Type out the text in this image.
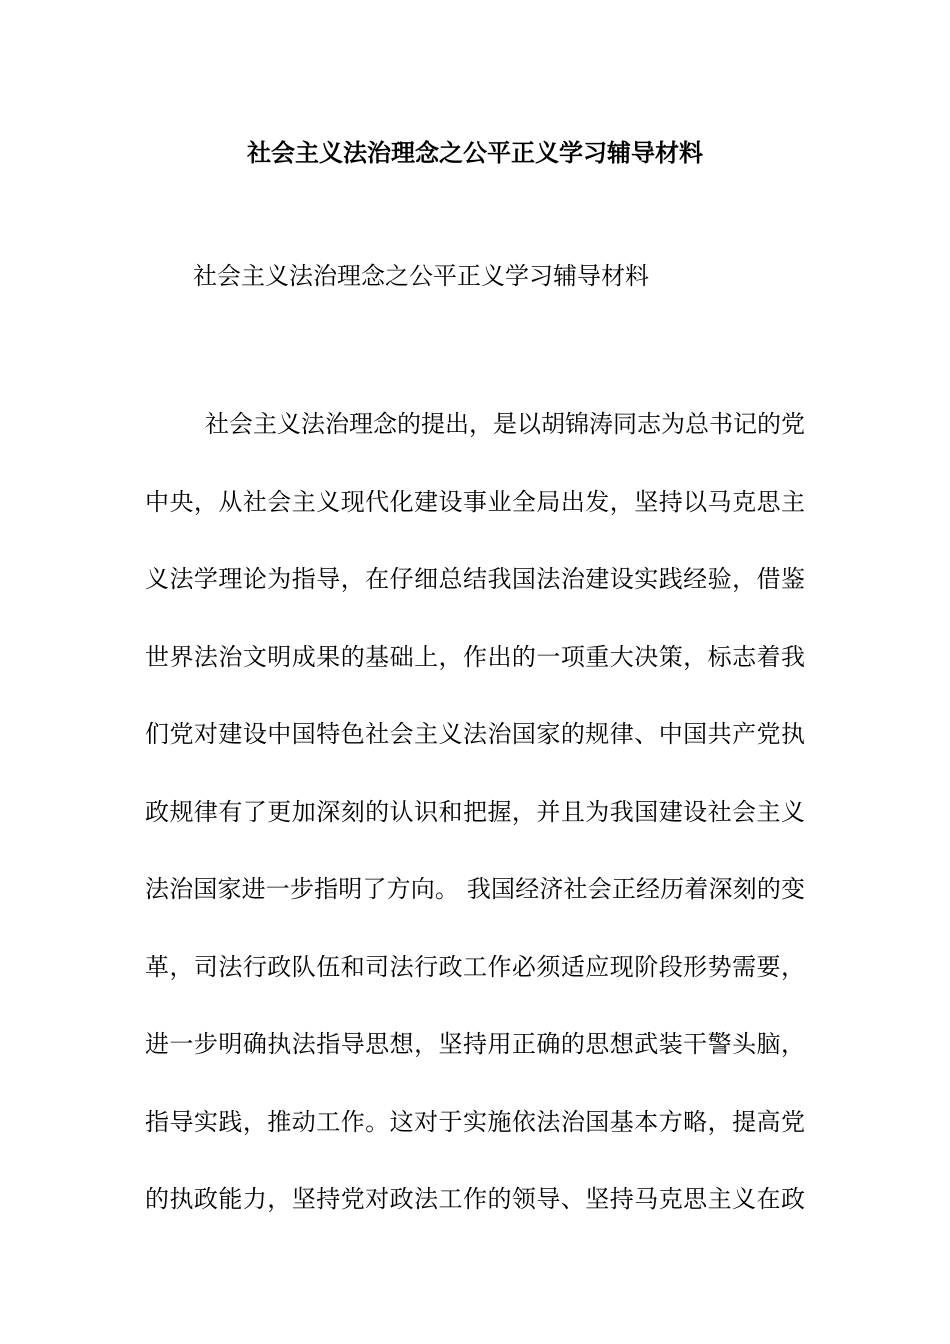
社会主义法治理念之公平正义学习辅导材料

社会主义法治理念之公平正义学习辅导材料

社会主义法治理念的提出，是以胡锦涛同志为总书记的党
中央，从社会主义现代化建设事业全局出发，坚持以马克思主
义法学理论为指导，在仔细总结我国法治建设实践经验，借鉴
世界法治文明成果的基础上，作出的一项重大决策，标志着我
们党对建设中国特色社会主义法治国家的规律、中国共产党执
政规律有了更加深刻的认识和把握，并且为我国建设社会主义
法治国家进一步指明了方向。 我国经济社会正经历着深刻的变
革，司法行政队伍和司法行政工作必须适应现阶段形势需要，
进一步明确执法指导思想，坚持用正确的思想武装干警头脑，
指导实践，推动工作。这对于实施依法治国基本方略，提高党
的执政能力，坚持党对政法工作的领导、坚持马克思主义在政
